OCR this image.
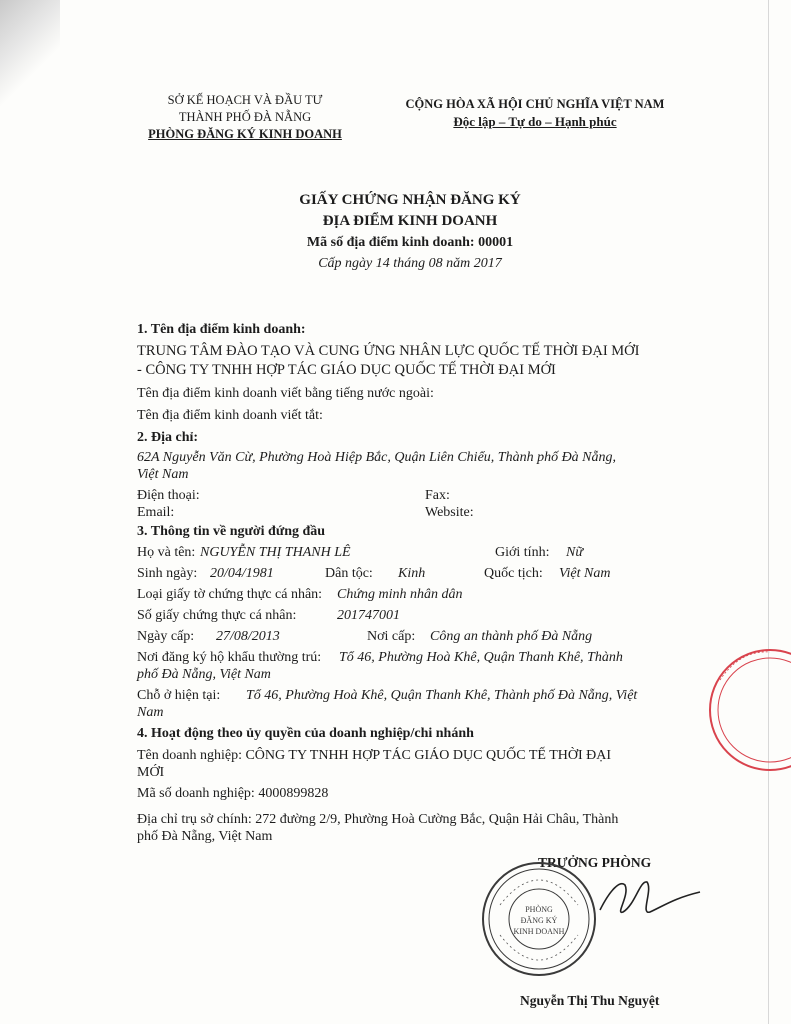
SỞ KẾ HOẠCH VÀ ĐẦU TƯ
THÀNH PHỐ ĐÀ NẴNG
PHÒNG ĐĂNG KÝ KINH DOANH
CỘNG HÒA XÃ HỘI CHỦ NGHĨA VIỆT NAM
Độc lập – Tự do – Hạnh phúc
GIẤY CHỨNG NHẬN ĐĂNG KÝ
ĐỊA ĐIỂM KINH DOANH
Mã số địa điểm kinh doanh: 00001
Cấp ngày 14 tháng 08 năm 2017
1. Tên địa điểm kinh doanh:
TRUNG TÂM ĐÀO TẠO VÀ CUNG ỨNG NHÂN LỰC QUỐC TẾ THỜI ĐẠI MỚI
- CÔNG TY TNHH HỢP TÁC GIÁO DỤC QUỐC TẾ THỜI ĐẠI MỚI
Tên địa điểm kinh doanh viết bằng tiếng nước ngoài:
Tên địa điểm kinh doanh viết tắt:
2. Địa chỉ:
62A Nguyễn Văn Cừ, Phường Hoà Hiệp Bắc, Quận Liên Chiểu, Thành phố Đà Nẵng,
Việt Nam
Điện thoại:	Fax:
Email:	Website:
3. Thông tin về người đứng đầu
Họ và tên: NGUYỄN THỊ THANH LÊ	Giới tính: Nữ
Sinh ngày: 20/04/1981	Dân tộc: Kinh	Quốc tịch: Việt Nam
Loại giấy tờ chứng thực cá nhân: Chứng minh nhân dân
Số giấy chứng thực cá nhân:	201747001
Ngày cấp: 27/08/2013	Nơi cấp: Công an thành phố Đà Nẵng
Nơi đăng ký hộ khẩu thường trú: Tổ 46, Phường Hoà Khê, Quận Thanh Khê, Thành
phố Đà Nẵng, Việt Nam
Chỗ ở hiện tại: Tổ 46, Phường Hoà Khê, Quận Thanh Khê, Thành phố Đà Nẵng, Việt
Nam
4. Hoạt động theo ủy quyền của doanh nghiệp/chi nhánh
Tên doanh nghiệp: CÔNG TY TNHH HỢP TÁC GIÁO DỤC QUỐC TẾ THỜI ĐẠI
MỚI
Mã số doanh nghiệp: 4000899828
Địa chỉ trụ sở chính: 272 đường 2/9, Phường Hoà Cường Bắc, Quận Hải Châu, Thành
phố Đà Nẵng, Việt Nam
TRƯỞNG PHÒNG
PHÒNG
ĐĂNG KÝ
KINH DOANH
Nguyễn Thị Thu Nguyệt
